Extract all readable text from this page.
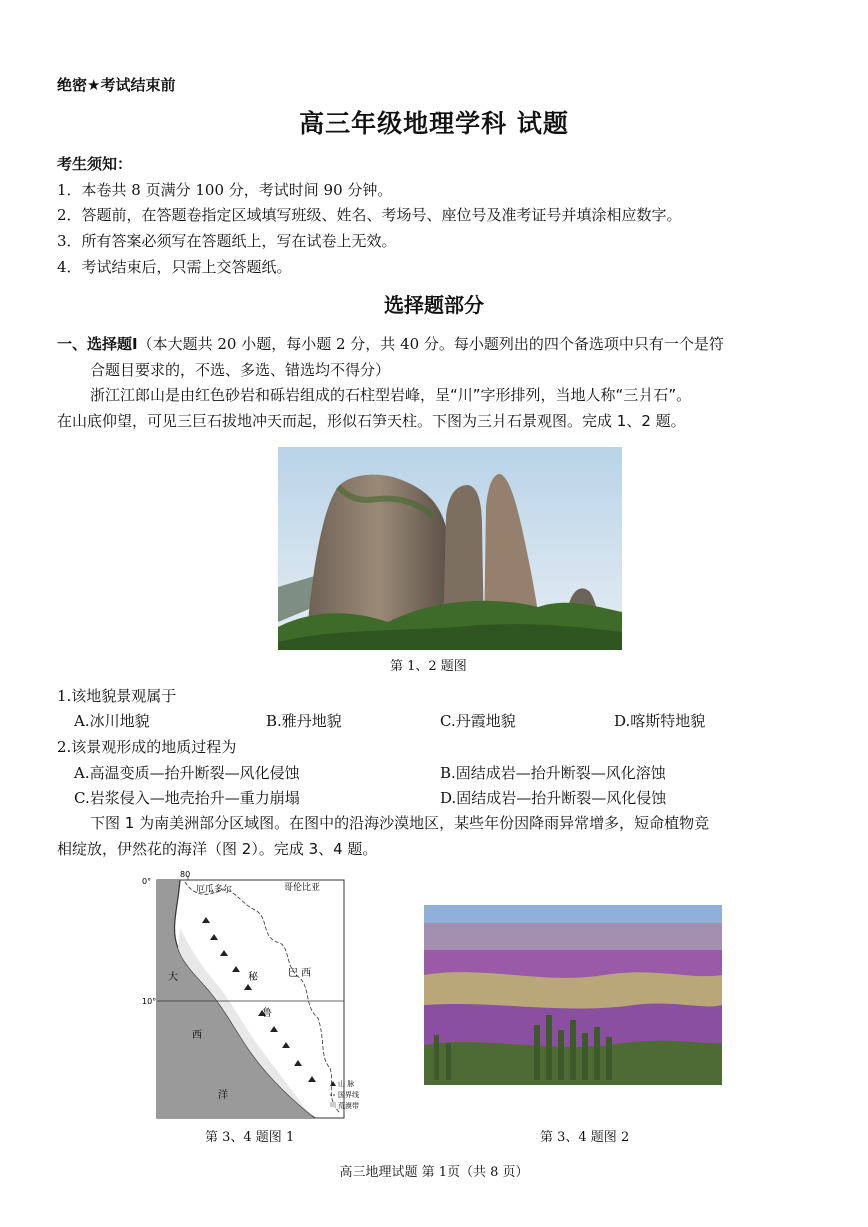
绝密★考试结束前
高三年级地理学科 试题
考生须知：
1．本卷共 8 页满分 100 分，考试时间 90 分钟。
2．答题前，在答题卷指定区域填写班级、姓名、考场号、座位号及准考证号并填涂相应数字。
3．所有答案必须写在答题纸上，写在试卷上无效。
4．考试结束后，只需上交答题纸。
选择题部分
一、选择题Ⅰ（本大题共 20 小题，每小题 2 分，共 40 分。每小题列出的四个备选项中只有一个是符
合题目要求的，不选、多选、错选均不得分）
浙江江郎山是由红色砂岩和砾岩组成的石柱型岩峰，呈“川”字形排列，当地人称“三爿石”。
在山底仰望，可见三巨石拔地冲天而起，形似石笋天柱。下图为三爿石景观图。完成 1、2 题。
第 1、2 题图
1.该地貌景观属于
A.冰川地貌	B.雅丹地貌	C.丹霞地貌	D.喀斯特地貌
2.该景观形成的地质过程为
A.高温变质—抬升断裂—风化侵蚀	B.固结成岩—抬升断裂—风化溶蚀
C.岩浆侵入—地壳抬升—重力崩塌	D.固结成岩—抬升断裂—风化侵蚀
下图 1 为南美洲部分区域图。在图中的沿海沙漠地区，某些年份因降雨异常增多，短命植物竞
相绽放，伊然花的海洋（图 2）。完成 3、4 题。
80
0°
10°
厄瓜多尔	哥伦比亚
巴 西
大
西
洋
秘
鲁
山 脉
国界线
荒漠带
第 3、4 题图 1	第 3、4 题图 2
高三地理试题 第 1页（共 8 页）
